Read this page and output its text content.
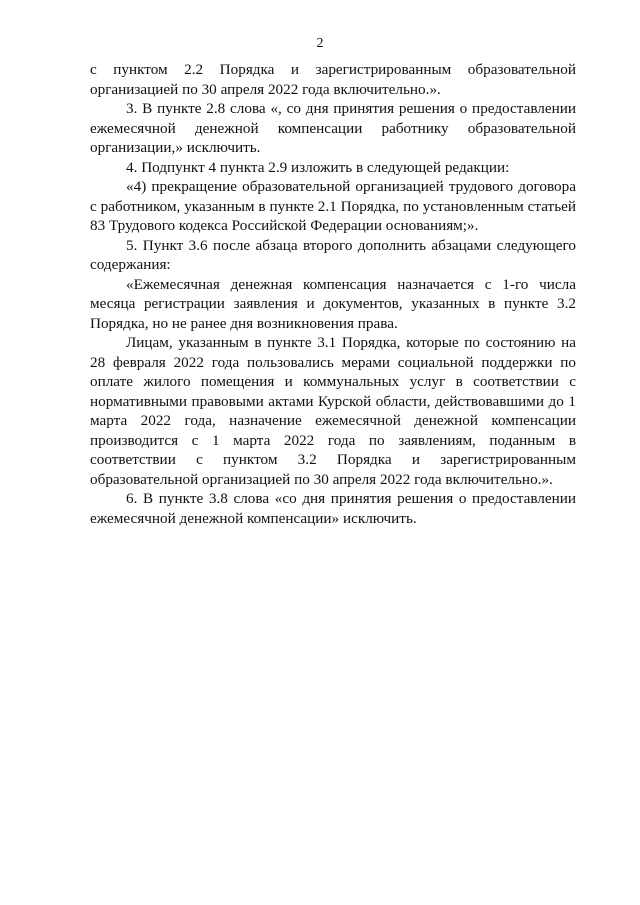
2

с пунктом 2.2 Порядка и зарегистрированным образовательной организацией по 30 апреля 2022 года включительно.».

3. В пункте 2.8 слова «, со дня принятия решения о предоставлении ежемесячной денежной компенсации работнику образовательной организации,» исключить.

4. Подпункт 4 пункта 2.9 изложить в следующей редакции:

«4) прекращение образовательной организацией трудового договора с работником, указанным в пункте 2.1 Порядка, по установленным статьей 83 Трудового кодекса Российской Федерации основаниям;».

5. Пункт 3.6 после абзаца второго дополнить абзацами следующего содержания:

«Ежемесячная денежная компенсация назначается с 1-го числа месяца регистрации заявления и документов, указанных в пункте 3.2 Порядка, но не ранее дня возникновения права.

Лицам, указанным в пункте 3.1 Порядка, которые по состоянию на 28 февраля 2022 года пользовались мерами социальной поддержки по оплате жилого помещения и коммунальных услуг в соответствии с нормативными правовыми актами Курской области, действовавшими до 1 марта 2022 года, назначение ежемесячной денежной компенсации производится с 1 марта 2022 года по заявлениям, поданным в соответствии с пунктом 3.2 Порядка и зарегистрированным образовательной организацией по 30 апреля 2022 года включительно.».

6. В пункте 3.8 слова «со дня принятия решения о предоставлении ежемесячной денежной компенсации» исключить.
